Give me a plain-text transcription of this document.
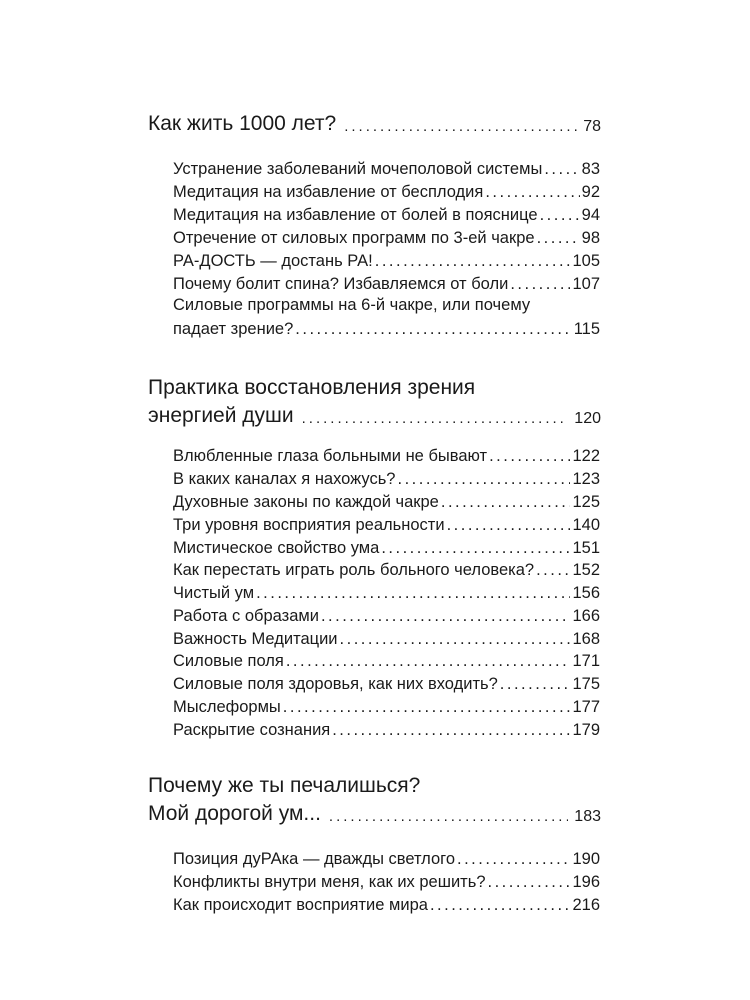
Как жить 1000 лет? .....	78
Устранение заболеваний мочеполовой системы ..... 83
Медитация на избавление от бесплодия .....	92
Медитация на избавление от болей в пояснице .....	94
Отречение от силовых программ по 3-ей чакре .....	98
РА-ДОСТЬ — достань РА! .....	105
Почему болит спина? Избавляемся от боли .....	107
Силовые программы на 6-й чакре, или почему
падает зрение? .....	115
Практика восстановления зрения
энергией души .....	120
Влюбленные глаза больными не бывают .....	122
В каких каналах я нахожусь? .....	123
Духовные законы по каждой чакре .....	125
Три уровня восприятия реальности .....	140
Мистическое свойство ума .....	151
Как перестать играть роль больного человека? ..... 152
Чистый ум .....	156
Работа с образами .....	166
Важность Медитации .....	168
Силовые поля .....	171
Силовые поля здоровья, как них входить? .....	175
Мыслеформы .....	177
Раскрытие сознания .....	179
Почему же ты печалишься?
Мой дорогой ум... .....	183
Позиция дуРАка — дважды светлого .....	190
Конфликты внутри меня, как их решить? .....	196
Как происходит восприятие мира .....	216
